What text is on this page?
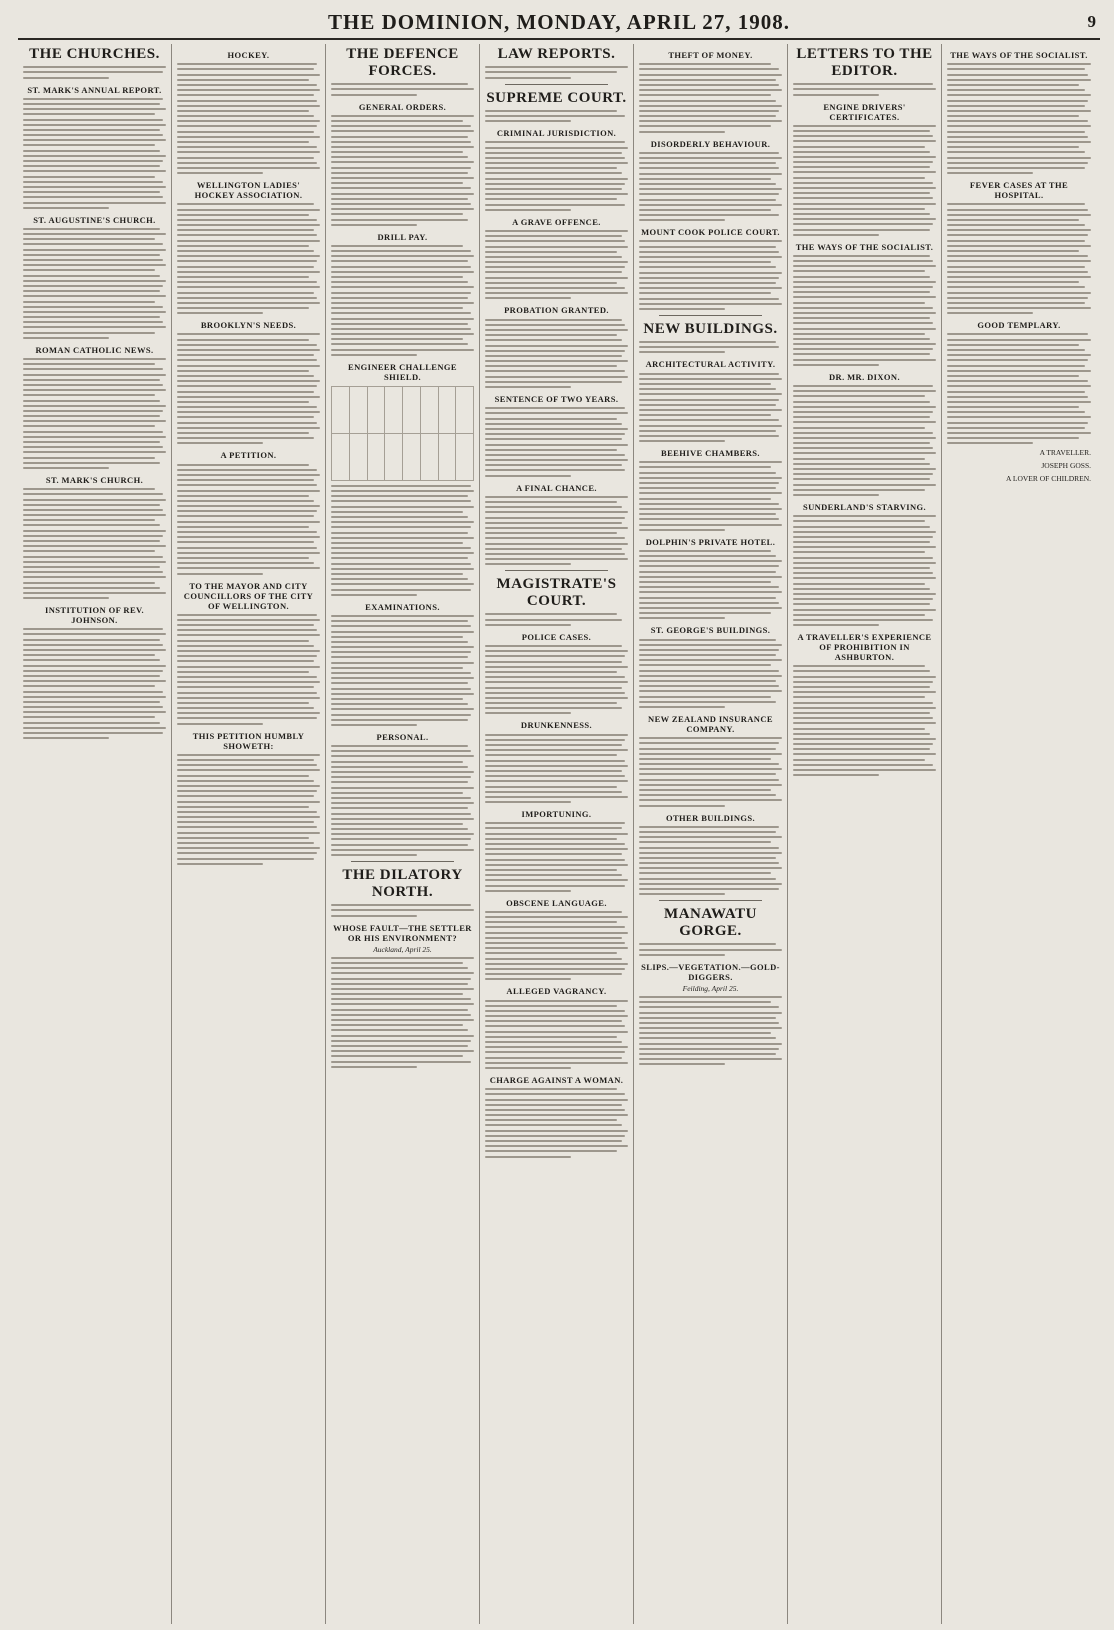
THE DOMINION, MONDAY, APRIL 27, 1908.	9
THE CHURCHES.
ST. MARK'S ANNUAL REPORT.
ST. AUGUSTINE'S CHURCH.
ROMAN CATHOLIC NEWS.
ST. MARK'S CHURCH.
INSTITUTION OF REV. JOHNSON.
HOCKEY.
WELLINGTON LADIES' HOCKEY ASSOCIATION.
BROOKLYN'S NEEDS.
A PETITION.
TO THE MAYOR AND CITY COUNCILLORS OF THE CITY OF WELLINGTON.
THIS PETITION HUMBLY SHOWETH:
THE DEFENCE FORCES.
GENERAL ORDERS.
DRILL PAY.
ENGINEER CHALLENGE SHIELD.

EXAMINATIONS.
PERSONAL.
THE DILATORY NORTH.
WHOSE FAULT—THE SETTLER OR HIS ENVIRONMENT?
Auckland, April 25.
LAW REPORTS.
SUPREME COURT.
CRIMINAL JURISDICTION.
A GRAVE OFFENCE.
PROBATION GRANTED.
SENTENCE OF TWO YEARS.
A FINAL CHANCE.
MAGISTRATE'S COURT.
POLICE CASES.
DRUNKENNESS.
IMPORTUNING.
OBSCENE LANGUAGE.
ALLEGED VAGRANCY.
CHARGE AGAINST A WOMAN.
THEFT OF MONEY.
DISORDERLY BEHAVIOUR.
MOUNT COOK POLICE COURT.
NEW BUILDINGS.
ARCHITECTURAL ACTIVITY.
BEEHIVE CHAMBERS.
DOLPHIN'S PRIVATE HOTEL.
ST. GEORGE'S BUILDINGS.
NEW ZEALAND INSURANCE COMPANY.
OTHER BUILDINGS.
MANAWATU GORGE.
SLIPS.—VEGETATION.—GOLD-DIGGERS.
Feilding, April 25.
LETTERS TO THE EDITOR.
ENGINE DRIVERS' CERTIFICATES.
THE WAYS OF THE SOCIALIST.
DR. MR. DIXON.
SUNDERLAND'S STARVING.
A TRAVELLER'S EXPERIENCE OF PROHIBITION IN ASHBURTON.
THE WAYS OF THE SOCIALIST.
FEVER CASES AT THE HOSPITAL.
GOOD TEMPLARY.
A TRAVELLER.
JOSEPH GOSS.
A LOVER OF CHILDREN.
